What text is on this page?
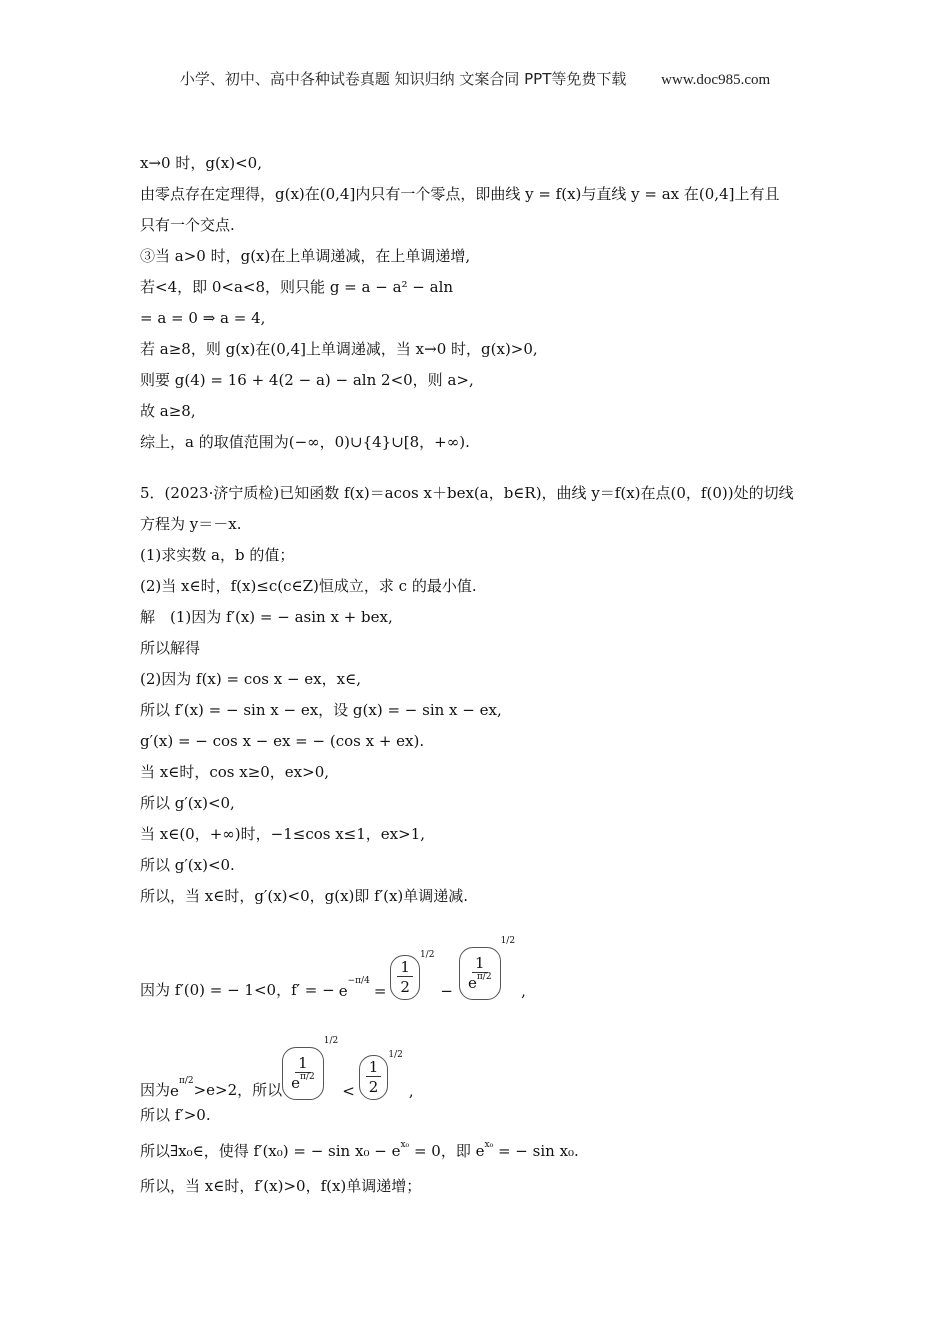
小学、初中、高中各种试卷真题 知识归纳 文案合同 PPT等免费下载 www.doc985.com
x→0 时，g(x)<0,
由零点存在定理得，g(x)在(0,4]内只有一个零点，即曲线 y = f(x)与直线 y = ax 在(0,4]上有且
只有一个交点.
③当 a>0 时，g(x)在上单调递减，在上单调递增,
若<4，即 0<a<8，则只能 g = a − a² − aln
= a = 0 ⇒ a = 4,
若 a≥8，则 g(x)在(0,4]上单调递减，当 x→0 时，g(x)>0,
则要 g(4) = 16 + 4(2 − a) − aln 2<0，则 a>,
故 a≥8,
综上，a 的取值范围为(−∞，0)∪{4}∪[8，+∞).
5．(2023·济宁质检)已知函数 f(x)＝acos x＋bex(a，b∈R)，曲线 y＝f(x)在点(0，f(0))处的切线
方程为 y＝－x.
(1)求实数 a，b 的值；
(2)当 x∈时，f(x)≤c(c∈Z)恒成立，求 c 的最小值.
解　(1)因为 f′(x) = − asin x + bex,
所以解得
(2)因为 f(x) = cos x − ex，x∈,
所以 f′(x) = − sin x − ex，设 g(x) = − sin x − ex,
g′(x) = − cos x − ex = − (cos x + ex).
当 x∈时，cos x≥0，ex>0,
所以 g′(x)<0,
当 x∈(0，+∞)时，−1≤cos x≤1，ex>1,
所以 g′(x)<0.
所以，当 x∈时，g′(x)<0，g(x)即 f′(x)单调递减.
因为 f′(0) = − 1<0，f′ = − $e^{-\pi/4}$
= $\frac{1}{2} 1/2$
− $\frac{1}{e^{\pi/2}}$
1/2
,
因为 $e^{\pi/2} >e>2$，所以 $\frac{1}{e^{\pi/2}}$
1/2
< $\frac{1}{2} 1/2$
,
所以 f′>0.
所以∃x₀∈，使得 f′(x₀) = − $\sin x_0 - e^{x_0} = 0$，即 $e^{x_0}$ = − sin x₀.
所以，当 x∈时，f′(x)>0，f(x)单调递增；
